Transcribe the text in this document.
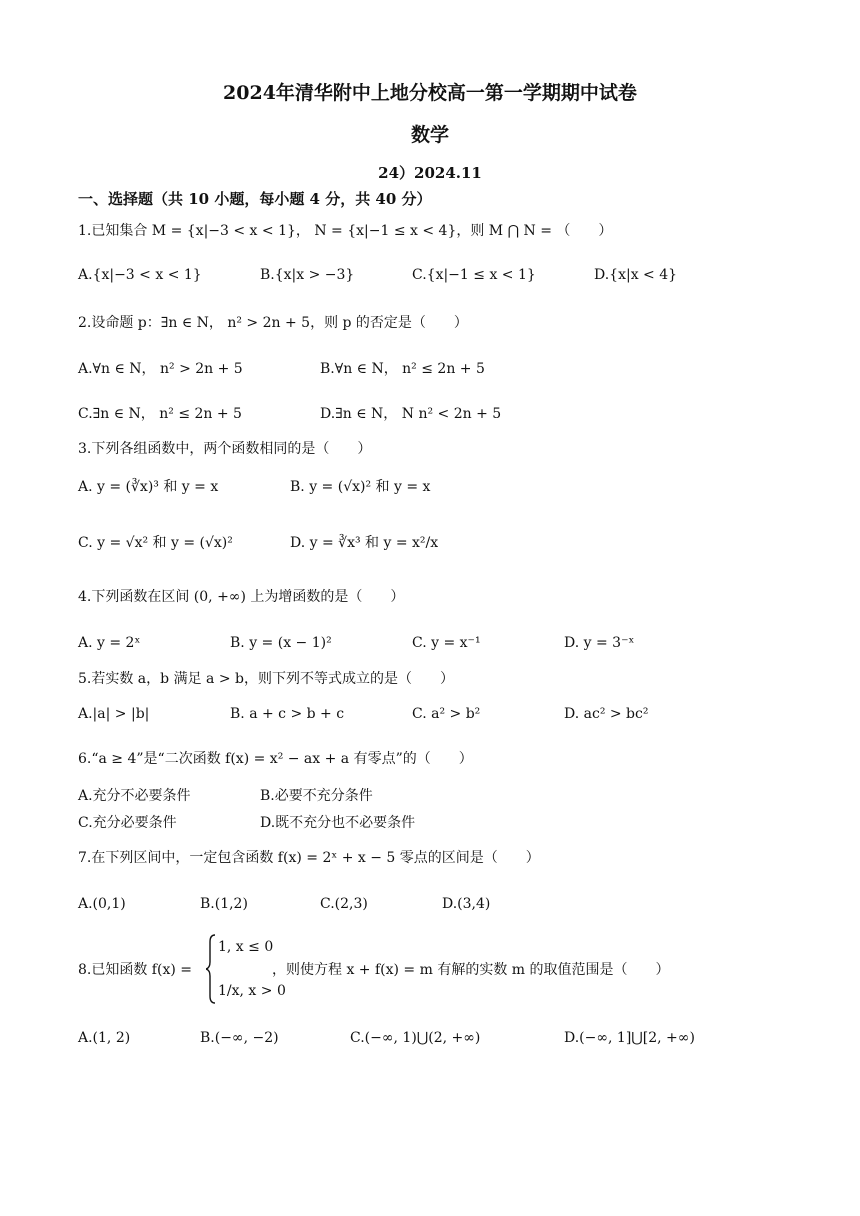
2024年清华附中上地分校高一第一学期期中试卷
数学
24）2024.11
一、选择题（共 10 小题，每小题 4 分，共 40 分）
1.已知集合 M = {x|−3 < x < 1}， N = {x|−1 ≤ x < 4}，则 M ⋂ N = （　　）
A.{x|−3 < x < 1}	B.{x|x > −3}	C.{x|−1 ≤ x < 1}	D.{x|x < 4}
2.设命题 p：∃n ∈ N， n² > 2n + 5，则 p 的否定是（　　）
A.∀n ∈ N， n² > 2n + 5	B.∀n ∈ N， n² ≤ 2n + 5
C.∃n ∈ N， n² ≤ 2n + 5	D.∃n ∈ N， N n² < 2n + 5
3.下列各组函数中，两个函数相同的是（　　）
A. y = (∛x)³ 和 y = x	B. y = (√x)² 和 y = x
C. y = √x² 和 y = (√x)²	D. y = ∛x³ 和 y = x²/x
4.下列函数在区间 (0, +∞) 上为增函数的是（　　）
A. y = 2ˣ	B. y = (x − 1)²	C. y = x⁻¹	D. y = 3⁻ˣ
5.若实数 a，b 满足 a > b，则下列不等式成立的是（　　）
A.|a| > |b|	B. a + c > b + c	C. a² > b²	D. ac² > bc²
6.“a ≥ 4”是“二次函数 f(x) = x² − ax + a 有零点”的（　　）
A.充分不必要条件	B.必要不充分条件
C.充分必要条件	D.既不充分也不必要条件
7.在下列区间中，一定包含函数 f(x) = 2ˣ + x − 5 零点的区间是（　　）
A.(0,1)	B.(1,2)	C.(2,3)	D.(3,4)
8.已知函数 f(x) =
1, x ≤ 0
1/x, x > 0
，则使方程 x + f(x) = m 有解的实数 m 的取值范围是（　　）
A.(1, 2)	B.(−∞, −2)	C.(−∞, 1)⋃(2, +∞)	D.(−∞, 1]⋃[2, +∞)
